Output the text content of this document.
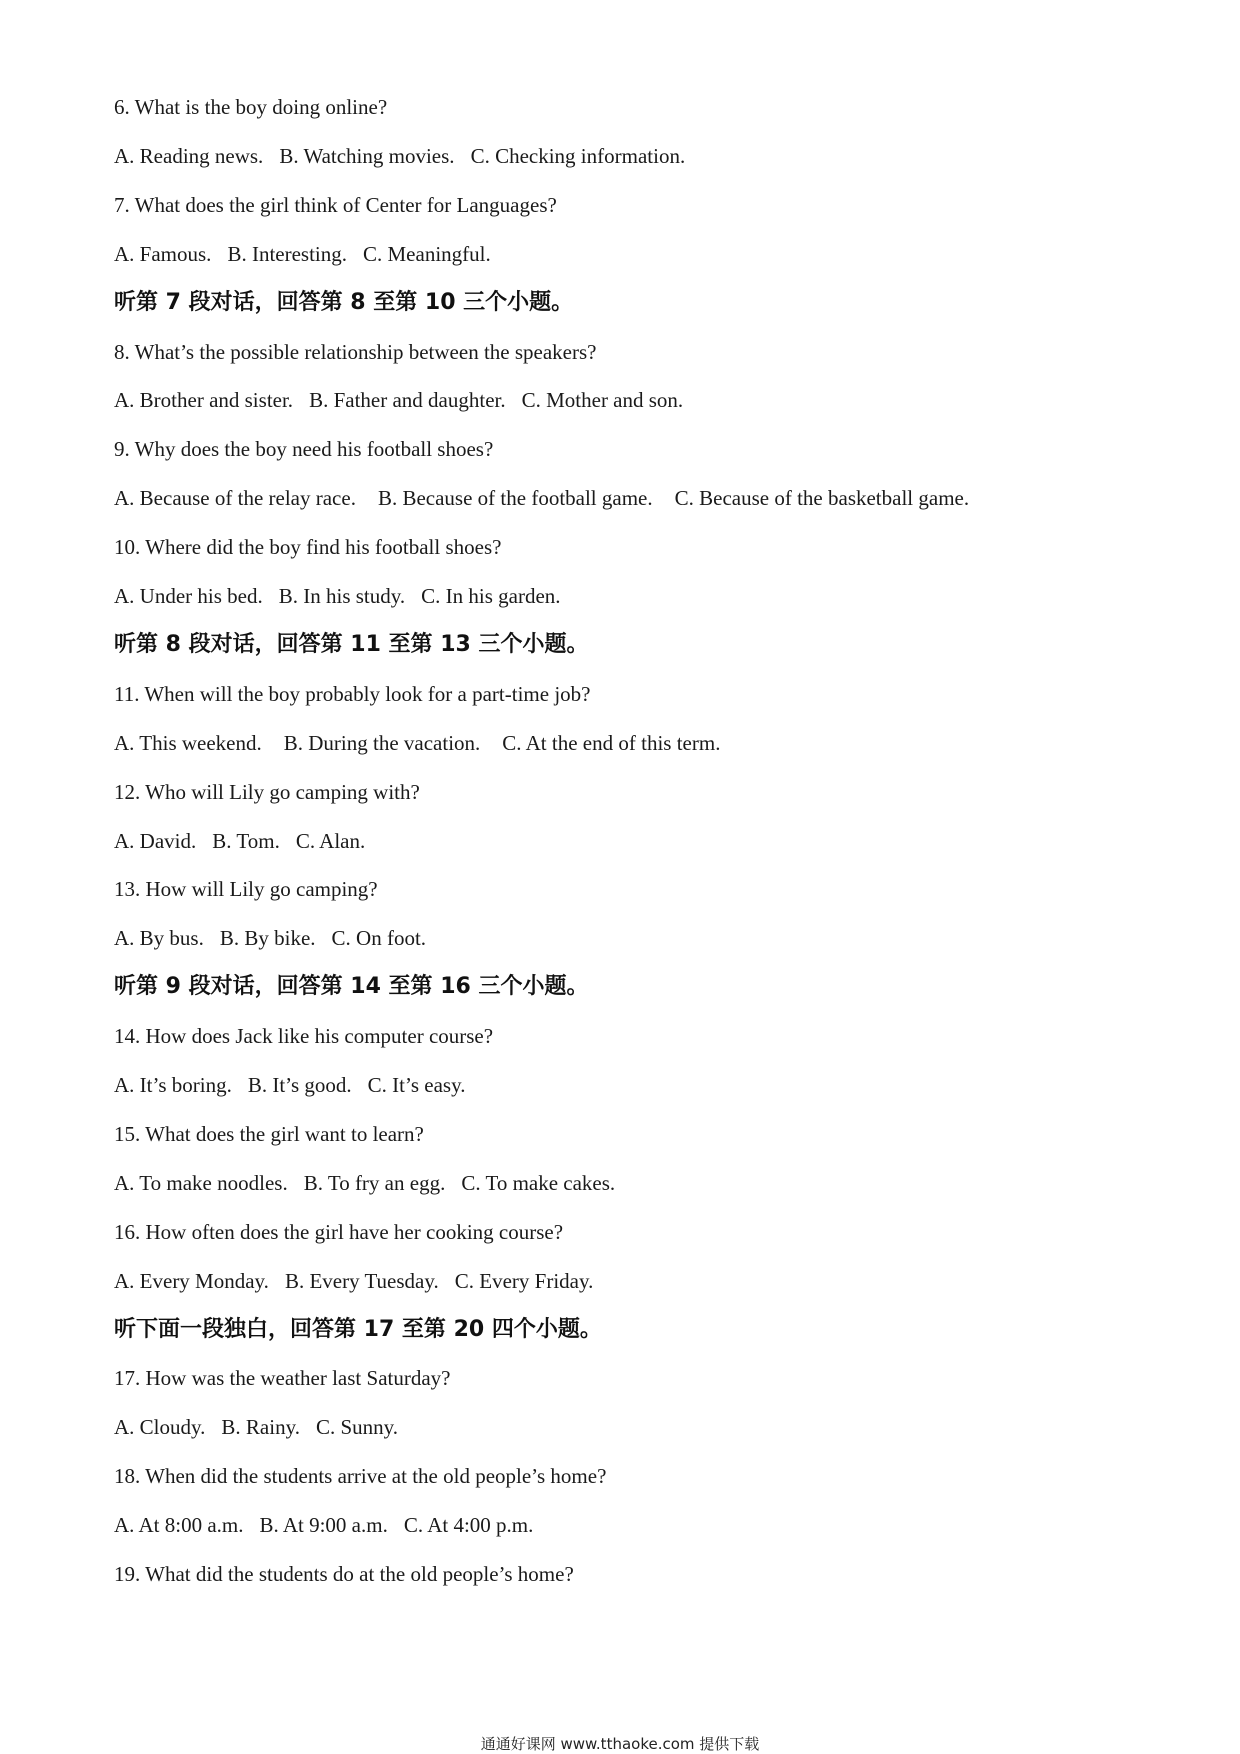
6. What is the boy doing online?
A. Reading news. B. Watching movies. C. Checking information.
7. What does the girl think of Center for Languages?
A. Famous. B. Interesting. C. Meaningful.
听第 7 段对话，回答第 8 至第 10 三个小题。
8. What’s the possible relationship between the speakers?
A. Brother and sister. B. Father and daughter. C. Mother and son.
9. Why does the boy need his football shoes?
A. Because of the relay race. B. Because of the football game. C. Because of the basketball game.
10. Where did the boy find his football shoes?
A. Under his bed. B. In his study. C. In his garden.
听第 8 段对话，回答第 11 至第 13 三个小题。
11. When will the boy probably look for a part-time job?
A. This weekend. B. During the vacation. C. At the end of this term.
12. Who will Lily go camping with?
A. David. B. Tom. C. Alan.
13. How will Lily go camping?
A. By bus. B. By bike. C. On foot.
听第 9 段对话，回答第 14 至第 16 三个小题。
14. How does Jack like his computer course?
A. It’s boring. B. It’s good. C. It’s easy.
15. What does the girl want to learn?
A. To make noodles. B. To fry an egg. C. To make cakes.
16. How often does the girl have her cooking course?
A. Every Monday. B. Every Tuesday. C. Every Friday.
听下面一段独白，回答第 17 至第 20 四个小题。
17. How was the weather last Saturday?
A. Cloudy. B. Rainy. C. Sunny.
18. When did the students arrive at the old people’s home?
A. At 8:00 a.m. B. At 9:00 a.m. C. At 4:00 p.m.
19. What did the students do at the old people’s home?
通通好课网 www.tthaoke.com 提供下载
